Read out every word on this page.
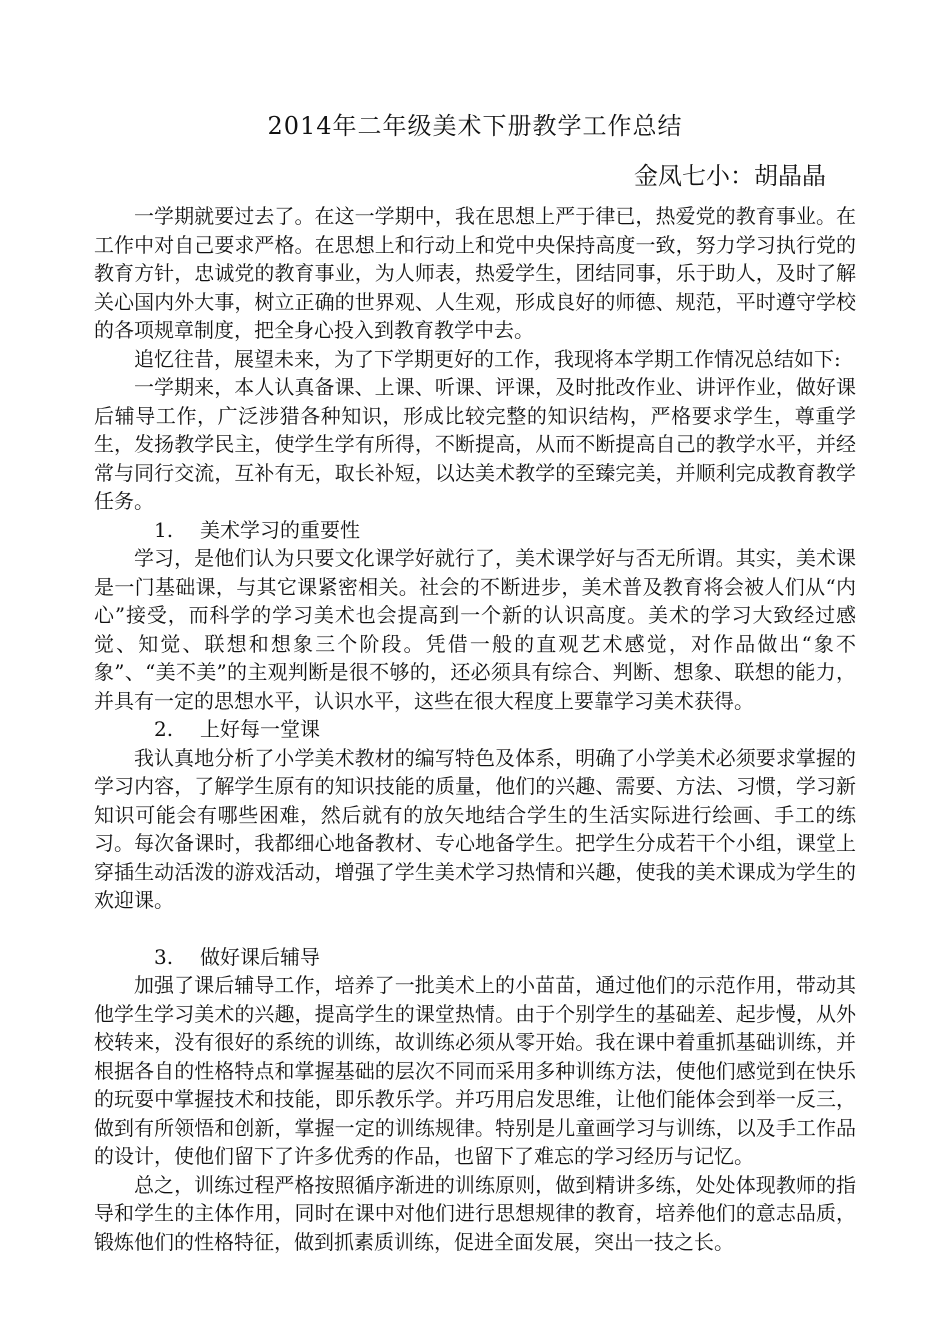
2014年二年级美术下册教学工作总结
金凤七小：胡晶晶

一学期就要过去了。在这一学期中，我在思想上严于律已，热爱党的教育事业。在工作中对自己要求严格。在思想上和行动上和党中央保持高度一致，努力学习执行党的教育方针，忠诚党的教育事业，为人师表，热爱学生，团结同事，乐于助人，及时了解关心国内外大事，树立正确的世界观、人生观，形成良好的师德、规范，平时遵守学校的各项规章制度，把全身心投入到教育教学中去。

追忆往昔，展望未来，为了下学期更好的工作，我现将本学期工作情况总结如下:

一学期来，本人认真备课、上课、听课、评课，及时批改作业、讲评作业，做好课后辅导工作，广泛涉猎各种知识，形成比较完整的知识结构，严格要求学生，尊重学生，发扬教学民主，使学生学有所得，不断提高，从而不断提高自己的教学水平，并经常与同行交流，互补有无，取长补短，以达美术教学的至臻完美，并顺利完成教育教学任务。

1. 美术学习的重要性

学习，是他们认为只要文化课学好就行了，美术课学好与否无所谓。其实，美术课是一门基础课，与其它课紧密相关。社会的不断进步，美术普及教育将会被人们从“内心”接受，而科学的学习美术也会提高到一个新的认识高度。美术的学习大致经过感觉、知觉、联想和想象三个阶段。凭借一般的直观艺术感觉，对作品做出“象不象”、“美不美”的主观判断是很不够的，还必须具有综合、判断、想象、联想的能力，并具有一定的思想水平，认识水平，这些在很大程度上要靠学习美术获得。

2. 上好每一堂课

我认真地分析了小学美术教材的编写特色及体系，明确了小学美术必须要求掌握的学习内容，了解学生原有的知识技能的质量，他们的兴趣、需要、方法、习惯，学习新知识可能会有哪些困难，然后就有的放矢地结合学生的生活实际进行绘画、手工的练习。每次备课时，我都细心地备教材、专心地备学生。把学生分成若干个小组，课堂上穿插生动活泼的游戏活动，增强了学生美术学习热情和兴趣，使我的美术课成为学生的欢迎课。

3. 做好课后辅导

加强了课后辅导工作，培养了一批美术上的小苗苗，通过他们的示范作用，带动其他学生学习美术的兴趣，提高学生的课堂热情。由于个别学生的基础差、起步慢，从外校转来，没有很好的系统的训练，故训练必须从零开始。我在课中着重抓基础训练，并根据各自的性格特点和掌握基础的层次不同而采用多种训练方法，使他们感觉到在快乐的玩耍中掌握技术和技能，即乐教乐学。并巧用启发思维，让他们能体会到举一反三，做到有所领悟和创新，掌握一定的训练规律。特别是儿童画学习与训练，以及手工作品的设计，使他们留下了许多优秀的作品，也留下了难忘的学习经历与记忆。

总之，训练过程严格按照循序渐进的训练原则，做到精讲多练，处处体现教师的指导和学生的主体作用，同时在课中对他们进行思想规律的教育，培养他们的意志品质，锻炼他们的性格特征，做到抓素质训练，促进全面发展，突出一技之长。
